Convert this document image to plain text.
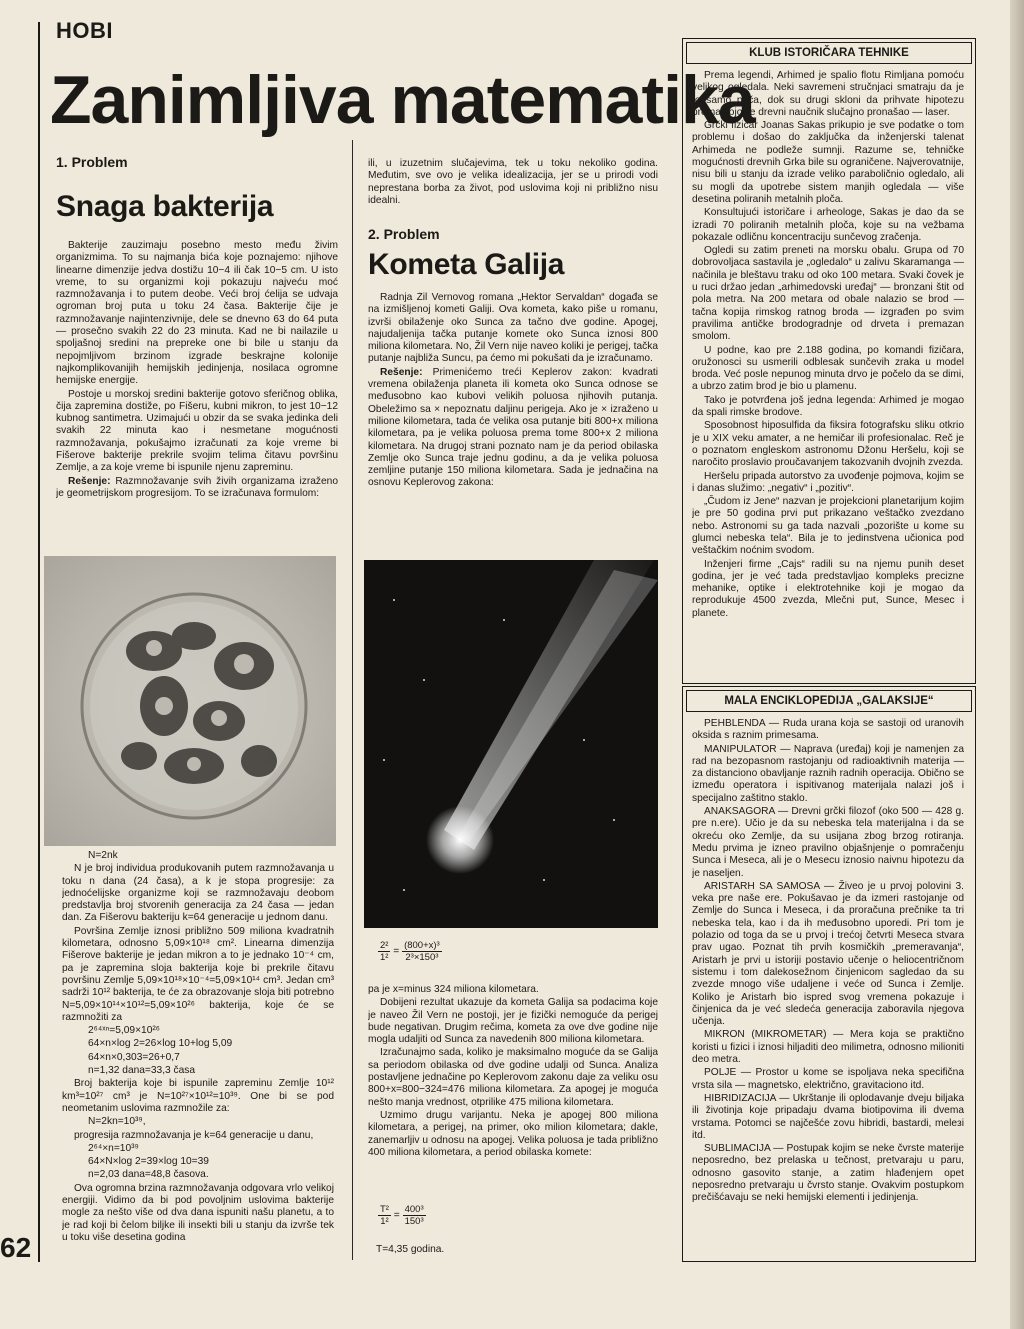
HOBI
Zanimljiva matematika
1. Problem
Snaga bakterija

Bakterije zauzimaju posebno mesto među živim organizmima. To su najmanja bića koje poznajemo: njihove linearne dimenzije jedva dostižu 10−4 ili čak 10−5 cm. U isto vreme, to su organizmi koji pokazuju najveću moć razmnožavanja i to putem deobe. Veći broj ćelija se udvaja ogroman broj puta u toku 24 časa. Bakterije čije je razmnožavanje najintenzivnije, dele se dnevno 63 do 64 puta — prosečno svakih 22 do 23 minuta. Kad ne bi nailazile u spoljašnoj sredini na prepreke one bi bile u stanju da nepojmljivom brzinom izgrade beskrajne kolonije najkomplikovanijih hemijskih jedinjenja, nosilaca ogromne hemijske energije.

Postoje u morskoj sredini bakterije gotovo sferičnog oblika, čija zapremina dostiže, po Fišeru, kubni mikron, to jest 10−12 kubnog santimetra. Uzimajući u obzir da se svaka jedinka deli svakih 22 minuta kao i nesmetane mogućnosti razmnožavanja, pokušajmo izračunati za koje vreme bi Fišerove bakterije prekrile svojim telima čitavu površinu Zemlje, a za koje vreme bi ispunile njenu zapreminu.

Rešenje: Razmnožavanje svih živih organizama izraženo je geometrijskom progresijom. To se izračunava formulom:

N=2nk

N je broj individua produkovanih putem razmnožavanja u toku n dana (24 časa), a k je stopa progresije: za jednoćelijske organizme koji se razmnožavaju deobom predstavlja broj stvorenih generacija za 24 časa — jedan dan. Za Fišerovu bakteriju k=64 generacije u jednom danu.

Površina Zemlje iznosi približno 509 miliona kvadratnih kilometara, odnosno 5,09×10¹⁸ cm². Linearna dimenzija Fišerove bakterije je jedan mikron a to je jednako 10⁻⁴ cm, pa je zapremina sloja bakterija koje bi prekrile čitavu površinu Zemlje 5,09×10¹⁸×10⁻⁴=5,09×10¹⁴ cm³. Jedan cm³ sadrži 10¹² bakterija, te će za obrazovanje sloja biti potrebno N=5,09×10¹⁴×10¹²=5,09×10²⁶ bakterija, koje će se razmnožiti za

2⁶⁴ˣⁿ=5,09×10²⁶

64×n×log 2=26×log 10+log 5,09

64×n×0,303=26+0,7

n=1,32 dana=33,3 časa

Broj bakterija koje bi ispunile zapreminu Zemlje 10¹² km³=10²⁷ cm³ je N=10²⁷×10¹²=10³⁹. One bi se pod neometanim uslovima razmnožile za:

N=2kn=10³⁹,

progresija razmnožavanja je k=64 generacije u danu,

2⁶⁴×n=10³⁹

64×N×log 2=39×log 10=39

n=2,03 dana=48,8 časova.

Ova ogromna brzina razmnožavanja odgovara vrlo velikoj energiji. Vidimo da bi pod povoljnim uslovima bakterije mogle za nešto više od dva dana ispuniti našu planetu, a to je rad koji bi čelom biljke ili insekti bili u stanju da izvrše tek u toku više desetina godina

62

ili, u izuzetnim slučajevima, tek u toku nekoliko godina. Međutim, sve ovo je velika idealizacija, jer se u prirodi vodi neprestana borba za život, pod uslovima koji ni približno nisu idealni.

2. Problem
Kometa Galija

Radnja Žil Vernovog romana „Hektor Servaldan“ događa se na izmišljenoj kometi Galiji. Ova kometa, kako piše u romanu, izvrši obilaženje oko Sunca za tačno dve godine. Apogej, najudaljenija tačka putanje komete oko Sunca iznosi 800 miliona kilometara. No, Žil Vern nije naveo koliki je perigej, tačka putanje najbliža Suncu, pa ćemo mi pokušati da je izračunamo.

Rešenje: Primenićemo treći Keplerov zakon: kvadrati vremena obilaženja planeta ili kometa oko Sunca odnose se međusobno kao kubovi velikih poluosa njihovih putanja. Obeležimo sa × nepoznatu daljinu perigeja. Ako je × izraženo u milione kilometara, tada će velika osa putanje biti 800+x miliona kilometara, pa je velika poluosa prema tome 800+x 2 miliona kilometara. Na drugoj strani poznato nam je da period obilaska Zemlje oko Sunca traje jednu godinu, a da je velika poluosa zemljine putanje 150 miliona kilometara. Sada je jednačina na osnovu Keplerovog zakona:

$\frac{\text{2²}}{\text{1²}} = \frac{\text{(800+x)³}}{\text{2³×150³}}$

pa je x=minus 324 miliona kilometara.

Dobijeni rezultat ukazuje da kometa Galija sa podacima koje je naveo Žil Vern ne postoji, jer je fizički nemoguće da perigej bude negativan. Drugim rečima, kometa za ove dve godine nije mogla udaljiti od Sunca za navedenih 800 miliona kilometara.

Izračunajmo sada, koliko je maksimalno moguće da se Galija sa periodom obilaska od dve godine udalji od Sunca. Analiza postavljene jednačine po Keplerovom zakonu daje za veliku osu 800+x=800−324=476 miliona kilometara. Za apogej je moguća nešto manja vrednost, otprilike 475 miliona kilometara.

Uzmimo drugu varijantu. Neka je apogej 800 miliona kilometara, a perigej, na primer, oko milion kilometara; dakle, zanemarljiv u odnosu na apogej. Velika poluosa je tada približno 400 miliona kilometara, a period obilaska komete:

$\frac{\text{T²}}{\text{1²}} = \frac{\text{400³}}{\text{150³}}$

T=4,35 godina.

KLUB ISTORIČARA TEHNIKE

Prema legendi, Arhimed je spalio flotu Rimljana pomoću velikog ogledala. Neki savremeni stručnjaci smatraju da je to samo priča, dok su drugi skloni da prihvate hipotezu prema kojoj je drevni naučnik slučajno pronašao — laser.

Grčki fizičar Joanas Sakas prikupio je sve podatke o tom problemu i došao do zaključka da inženjerski talenat Arhimeda ne podleže sumnji. Razume se, tehničke mogućnosti drevnih Grka bile su ograničene. Najverovatnije, nisu bili u stanju da izrade veliko paraboličnio ogledalo, ali su mogli da upotrebe sistem manjih ogledala — više desetina poliranih metalnih ploča.

Konsultujući istoričare i arheologe, Sakas je dao da se izradi 70 poliranih metalnih ploča, koje su na vežbama pokazale odličnu koncentraciju sunčevog zračenja.

Ogledi su zatim preneti na morsku obalu. Grupa od 70 dobrovoljaca sastavila je „ogledalo“ u zalivu Skaramanga — načinila je bleštavu traku od oko 100 metara. Svaki čovek je u ruci držao jedan „arhimedovski uređaj“ — bronzani štit od pola metra. Na 200 metara od obale nalazio se brod — tačna kopija rimskog ratnog broda — izgrađen po svim pravilima antičke brodogradnje od drveta i premazan smolom.

U podne, kao pre 2.188 godina, po komandi fizičara, oružonosci su usmerili odblesak sunčevih zraka u model broda. Već posle nepunog minuta drvo je počelo da se dimi, a ubrzo zatim brod je bio u plamenu.

Tako je potvrđena još jedna legenda: Arhimed je mogao da spali rimske brodove.

Sposobnost hiposulfida da fiksira fotografsku sliku otkrio je u XIX veku amater, a ne hemičar ili profesionalac. Reč je o poznatom engleskom astronomu Džonu Heršelu, koji se naročito proslavio proučavanjem takozvanih dvojnih zvezda.

Heršelu pripada autorstvo za uvođenje pojmova, kojim se i danas služimo: „negativ“ i „pozitiv“.

„Čudom iz Jene“ nazvan je projekcioni planetarijum kojim je pre 50 godina prvi put prikazano veštačko zvezdano nebo. Astronomi su ga tada nazvali „pozorište u kome su glumci nebeska tela“. Bila je to jedinstvena učionica pod veštačkim noćnim svodom.

Inženjeri firme „Cajs“ radili su na njemu punih deset godina, jer je već tada predstavljao kompleks preciznе mehanike, optike i elektrotehnike koji je mogao da reprodukuje 4500 zvezda, Mlečni put, Sunce, Mesec i planete.

MALA ENCIKLOPEDIJA „GALAKSIJE“

PEHBLENDA — Ruda urana koja se sastoji od uranovih oksida s raznim primesama.

MANIPULATOR — Naprava (uređaj) koji je namenjen za rad na bezopasnom rastojanju od radioaktivnih materija — za distanciono obavljanje raznih radnih operacija. Obično se između operatora i ispitivanog materijala nalazi još i specijalno zaštitno staklo.

ANAKSAGORA — Drevni grčki filozof (oko 500 — 428 g. pre n.ere). Učio je da su nebeska tela materijalna i da se okreću oko Zemlje, da su usijana zbog brzog rotiranja. Medu prvima je izneo pravilno objašnjenje o pomračenju Sunca i Meseca, ali je o Mesecu iznosio naivnu hipotezu da je naseljen.

ARISTARH SA SAMOSA — Živeo je u prvoj polovini 3. veka pre naše ere. Pokušavao je da izmeri rastojanje od Zemlje do Sunca i Meseca, i da proračuna prečnike ta tri nebeska tela, kao i da ih međusobno uporedi. Pri tom je polazio od toga da se u prvoj i trećoj četvrti Meseca stvara prav ugao. Poznat tih prvih kosmičkih „premeravanja“, Aristarh je prvi u istoriji postavio učenje o heliocentričnom sistemu i tom dalekosežnom činjenicom sagledao da su zvezde mnogo više udaljene i veće od Sunca i Zemlje. Koliko je Aristarh bio ispred svog vremena pokazuje i činjenica da je već sledeća generacija zaboravila njegova učenja.

MIKRON (MIKROMETAR) — Mera koja se praktično koristi u fizici i iznosi hiljaditi deo milimetra, odnosno milioniti deo metra.

POLJE — Prostor u kome se ispoljava neka specifična vrsta sila — magnetsko, električno, gravitaciono itd.

HIBRIDIZACIJA — Ukrštanje ili oplodavanje dveju biljaka ili životinja koje pripadaju dvama biotipovima ili dvema vrstama. Potomci se najčešće zovu hibridi, bastardi, meleзi itd.

SUBLIMACIJA — Postupak kojim se neke čvrste materije neposredno, bez prelaska u tečnost, pretvaraju u paru, odnosno gasovito stanje, a zatim hlađenjem opet neposredno pretvaraju u čvrsto stanje. Ovakvim postupkom prečišćavaju se neki hemijski elementi i jedinjenja.
